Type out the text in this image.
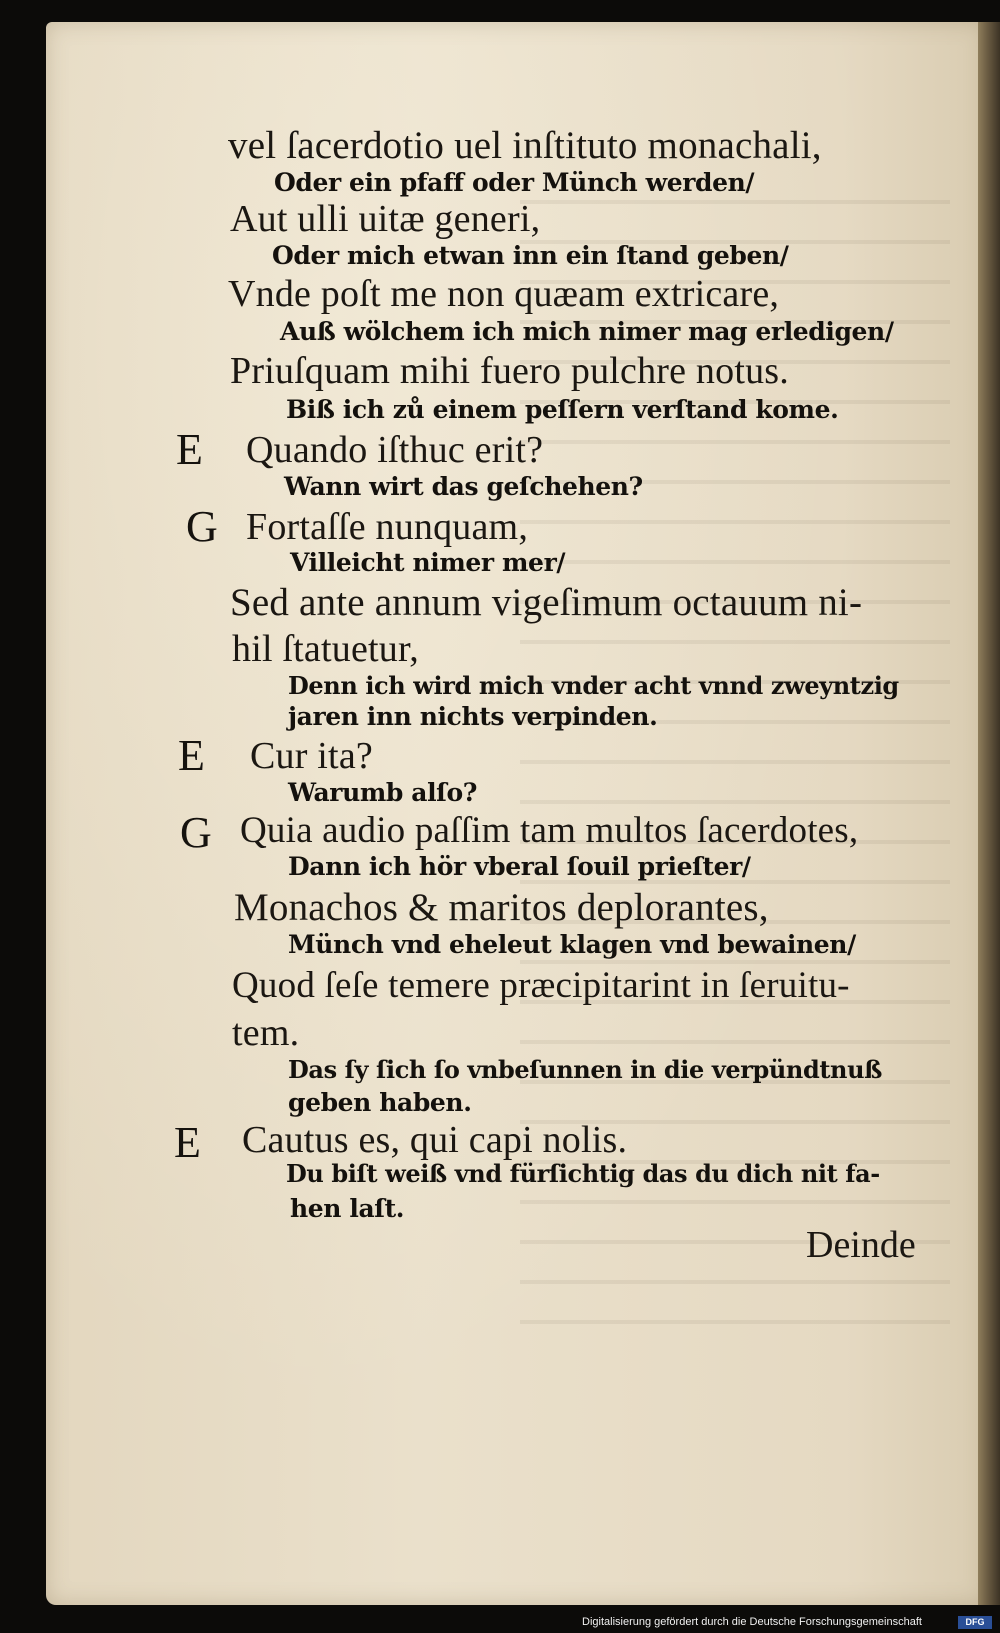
vel ſacerdotio uel inſtituto monachali,
Oder ein pfaff oder Münch werden/
Aut ulli uitæ generi,
Oder mich etwan inn ein ſtand geben/
Vnde poſt me non quæam extricare,
Auß wölchem ich mich nimer mag erledigen/
Priuſquam mihi fuero pulchre notus.
Biß ich zů einem peſſern verſtand kome.
E Quando iſthuc erit?
Wann wirt das geſchehen?
G Fortaſſe nunquam,
Villeicht nimer mer/
Sed ante annum vigeſimum octauum ni-
hil ſtatuetur,
Denn ich wird mich vnder acht vnnd zweyntzig
jaren inn nichts verpinden.
E Cur ita?
Warumb alſo?
G Quia audio paſſim tam multos ſacerdotes,
Dann ich hör vberal ſouil prieſter/
Monachos & maritos deplorantes,
Münch vnd eheleut klagen vnd bewainen/
Quod ſeſe temere præcipitarint in ſeruitu-
tem.
Das ſy ſich ſo vnbeſunnen in die verpündtnuß
geben haben.
E Cautus es, qui capi nolis.
Du biſt weiß vnd fürſichtig das du dich nit fa-
hen laſt.
Deinde
Digitalisierung gefördert durch die Deutsche Forschungsgemeinschaft	DFG
